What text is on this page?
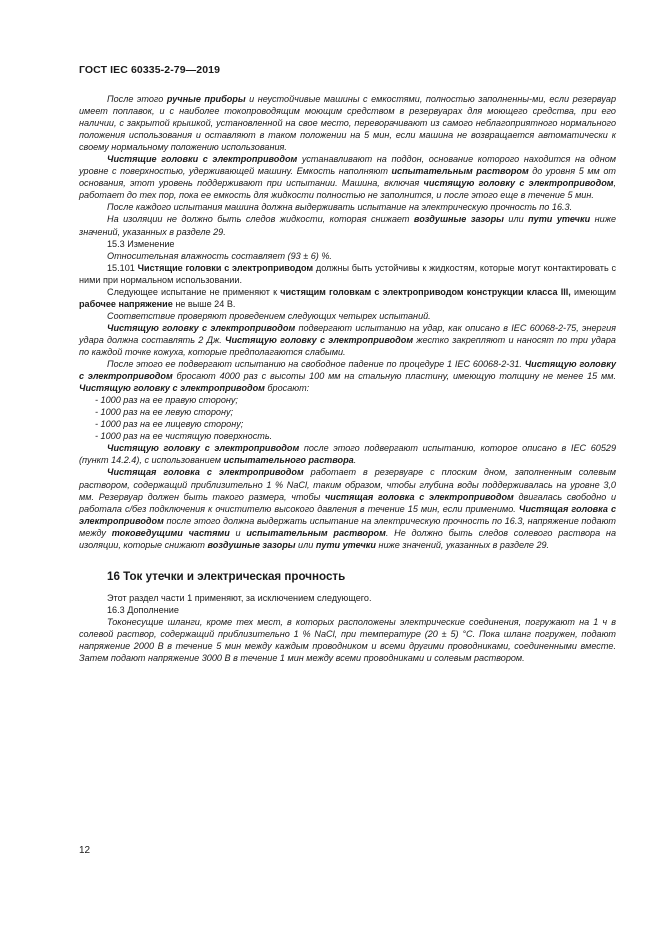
ГОСТ IEC 60335-2-79—2019

После этого ручные приборы и неустойчивые машины с емкостями, полностью заполненны-ми, если резервуар имеет поплавок, и с наиболее токопроводящим моющим средством в резервуарах для моющего средства, при его наличии, с закрытой крышкой, установленной на свое место, переворачивают из самого неблагоприятного нормального положения использования и оставляют в таком положении на 5 мин, если машина не возвращается автоматически к своему нормальному положению использования.

Чистящие головки с электроприводом устанавливают на поддон, основание которого находится на одном уровне с поверхностью, удерживающей машину. Емкость наполняют испытательным раствором до уровня 5 мм от основания, этот уровень поддерживают при испытании. Машина, включая чистящую головку с электроприводом, работает до тех пор, пока ее емкость для жидкости полностью не заполнится, и после этого еще в течение 5 мин.

После каждого испытания машина должна выдерживать испытание на электрическую прочность по 16.3.

На изоляции не должно быть следов жидкости, которая снижает воздушные зазоры или пути утечки ниже значений, указанных в разделе 29.

15.3 Изменение

Относительная влажность составляет (93 ± 6) %.

15.101 Чистящие головки с электроприводом должны быть устойчивы к жидкостям, которые могут контактировать с ними при нормальном использовании.

Следующее испытание не применяют к чистящим головкам с электроприводом конструкции класса III, имеющим рабочее напряжение не выше 24 В.

Соответствие проверяют проведением следующих четырех испытаний.

Чистящую головку с электроприводом подвергают испытанию на удар, как описано в IEC 60068-2-75, энергия удара должна составлять 2 Дж. Чистящую головку с электроприводом жестко закрепляют и наносят по три удара по каждой точке кожуха, которые предполагаются слабыми.

После этого ее подвергают испытанию на свободное падение по процедуре 1 IEC 60068-2-31. Чистящую головку с электроприводом бросают 4000 раз с высоты 100 мм на стальную пластину, имеющую толщину не менее 15 мм. Чистящую головку с электроприводом бросают:

- 1000 раз на ее правую сторону;

- 1000 раз на ее левую сторону;

- 1000 раз на ее лицевую сторону;

- 1000 раз на ее чистящую поверхность.

Чистящую головку с электроприводом после этого подвергают испытанию, которое описано в IEC 60529 (пункт 14.2.4), с использованием испытательного раствора.

Чистящая головка с электроприводом работает в резервуаре с плоским дном, заполненным солевым раствором, содержащий приблизительно 1 % NaCl, таким образом, чтобы глубина воды поддерживалась на уровне 3,0 мм. Резервуар должен быть такого размера, чтобы чистящая головка с электроприводом двигалась свободно и работала с/без подключения к очистителю высокого давления в течение 15 мин, если применимо. Чистящая головка с электроприводом после этого должна выдержать испытание на электрическую прочность по 16.3, напряжение подают между токоведущими частями и испытательным раствором. Не должно быть следов солевого раствора на изоляции, которые снижают воздушные зазоры или пути утечки ниже значений, указанных в разделе 29.

16 Ток утечки и электрическая прочность

Этот раздел части 1 применяют, за исключением следующего.

16.3 Дополнение

Токонесущие шланги, кроме тех мест, в которых расположены электрические соединения, погружают на 1 ч в солевой раствор, содержащий приблизительно 1 % NaCl, при температуре (20 ± 5) °С. Пока шланг погружен, подают напряжение 2000 В в течение 5 мин между каждым проводником и всеми другими проводниками, соединенными вместе. Затем подают напряжение 3000 В в течение 1 мин между всеми проводниками и солевым раствором.

12
